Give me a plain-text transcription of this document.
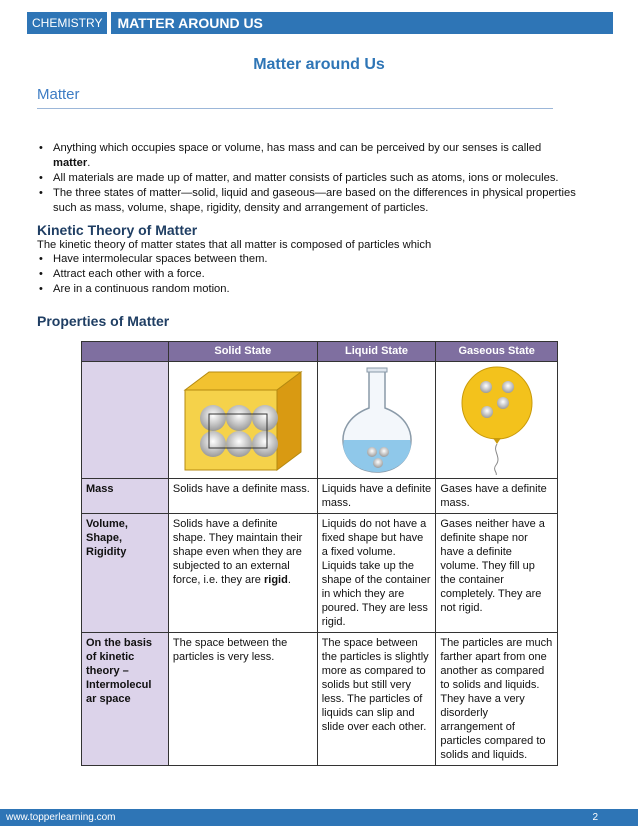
CHEMISTRY	MATTER AROUND US
Matter around Us
Matter
• Anything which occupies space or volume, has mass and can be perceived by our senses is called
matter.
• All materials are made up of matter, and matter consists of particles such as atoms, ions or molecules.
• The three states of matter—solid, liquid and gaseous—are based on the differences in physical properties such as mass, volume, shape, rigidity, density and arrangement of particles.
Kinetic Theory of Matter

The kinetic theory of matter states that all matter is composed of particles which

• Have intermolecular spaces between them.
• Attract each other with a force.
• Are in a continuous random motion.
Properties of Matter
	Solid State	Liquid State	Gaseous State

Mass	Solids have a definite mass.	Liquids have a definite mass.	Gases have a definite mass.
Volume, Shape, Rigidity	Solids have a definite shape. They maintain their shape even when they are subjected to an external force, i.e. they are rigid.	Liquids do not have a fixed shape but have a fixed volume. Liquids take up the shape of the container in which they are poured. They are less rigid.	Gases neither have a definite shape nor have a definite volume. They fill up the container completely. They are not rigid.
On the basis of kinetic theory – Intermolecul ar space	The space between the particles is very less.	The space between the particles is slightly more as compared to solids but still very less. The particles of liquids can slip and slide over each other.	The particles are much farther apart from one another as compared to solids and liquids. They have a very disorderly arrangement of particles compared to solids and liquids.
www.topperlearning.com	2
